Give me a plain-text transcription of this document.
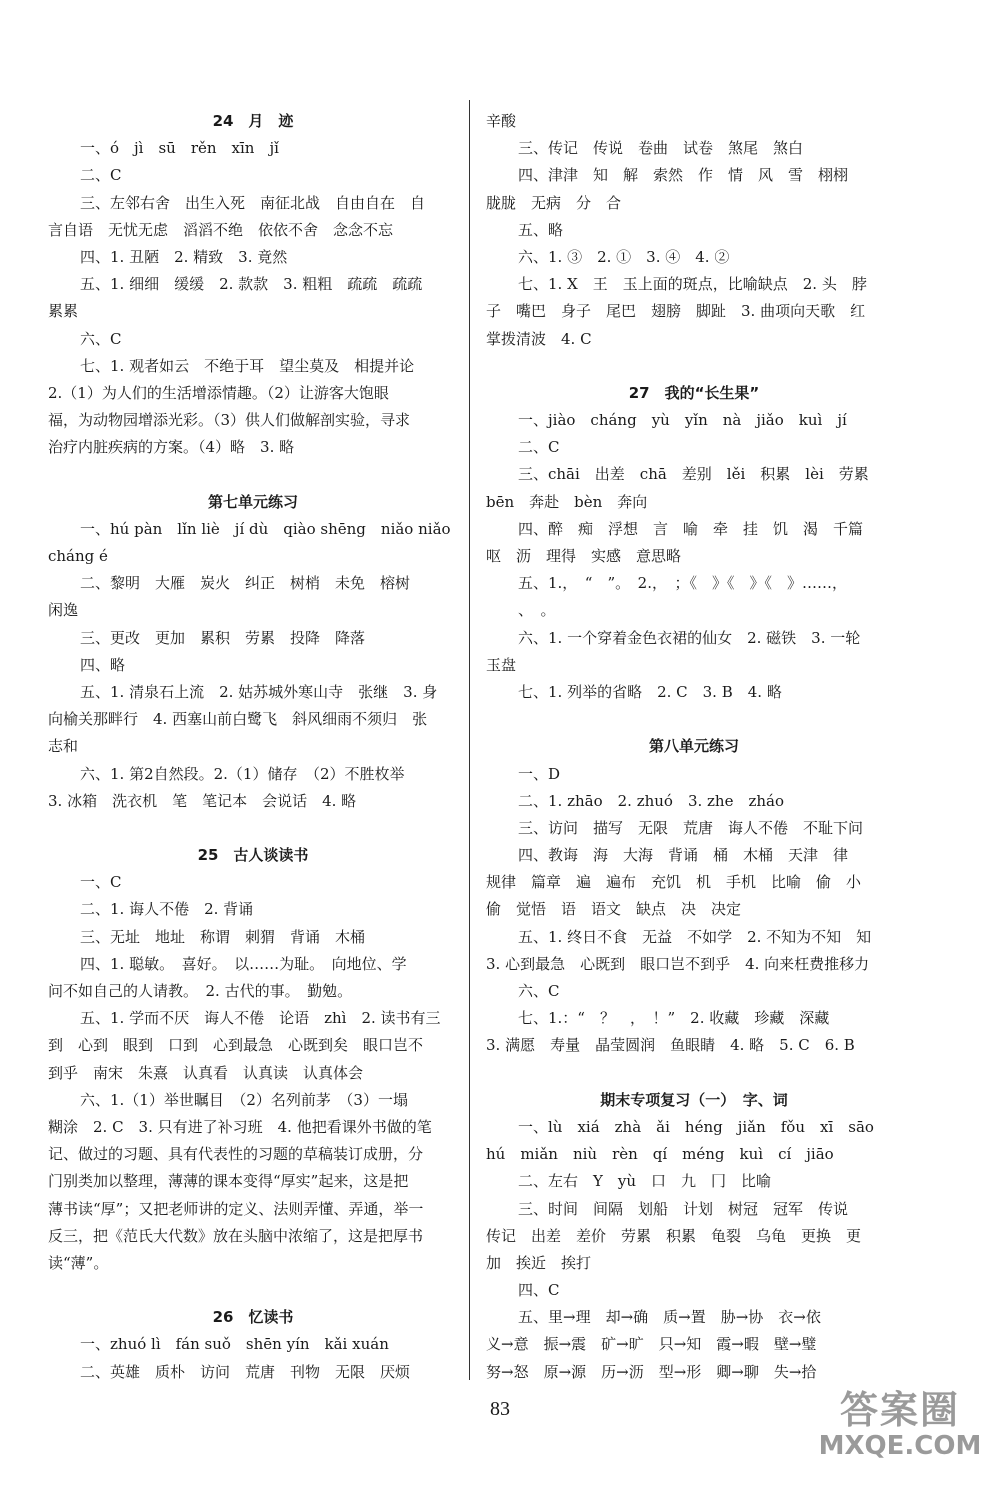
24　月　迹
一、ó　jì　sū　rěn　xīn　jǐ
二、C
三、左邻右舍　出生入死　南征北战　自由自在　自
言自语　无忧无虑　滔滔不绝　依依不舍　念念不忘
四、1. 丑陋　2. 精致　3. 竟然
五、1. 细细　缓缓　2. 款款　3. 粗粗　疏疏　疏疏
累累
六、C
七、1. 观者如云　不绝于耳　望尘莫及　相提并论
2.（1）为人们的生活增添情趣。（2）让游客大饱眼
福，为动物园增添光彩。（3）供人们做解剖实验，寻求
治疗内脏疾病的方案。（4）略　3. 略
第七单元练习
一、hú pàn　lǐn liè　jí dù　qiào shēng　niǎo niǎo
cháng é
二、黎明　大雁　炭火　纠正　树梢　未免　榕树
闲逸
三、更改　更加　累积　劳累　投降　降落
四、略
五、1. 清泉石上流　2. 姑苏城外寒山寺　张继　3. 身
向榆关那畔行　4. 西塞山前白鹭飞　斜风细雨不须归　张
志和
六、1. 第2自然段。2.（1）储存　（2）不胜枚举
3. 冰箱　洗衣机　笔　笔记本　会说话　4. 略
25　古人谈读书
一、C
二、1. 诲人不倦　2. 背诵
三、无址　地址　称谓　刺猬　背诵　木桶
四、1. 聪敏。　喜好。　以……为耻。　向地位、学
问不如自己的人请教。　2. 古代的事。　勤勉。
五、1. 学而不厌　诲人不倦　论语　zhì　2. 读书有三
到　心到　眼到　口到　心到最急　心既到矣　眼口岂不
到乎　南宋　朱熹　认真看　认真读　认真体会
六、1.（1）举世瞩目　（2）名列前茅　（3）一塌
糊涂　2. C　3. 只有进了补习班　4. 他把看课外书做的笔
记、做过的习题、具有代表性的习题的草稿装订成册，分
门别类加以整理，薄薄的课本变得“厚实”起来，这是把
薄书读“厚”；又把老师讲的定义、法则弄懂、弄通，举一
反三，把《范氏大代数》放在头脑中浓缩了，这是把厚书
读“薄”。
26　忆读书
一、zhuó lì　fán suǒ　shēn yín　kǎi xuán
二、英雄　质朴　访问　荒唐　刊物　无限　厌烦
辛酸
三、传记　传说　卷曲　试卷　煞尾　煞白
四、津津　知　解　索然　作　情　风　雪　栩栩
胧胧　无病　分　合
五、略
六、1. ③　2. ①　3. ④　4. ②
七、1. X　王　玉上面的斑点，比喻缺点　2. 头　脖
子　嘴巴　身子　尾巴　翅膀　脚趾　3. 曲项向天歌　红
掌拨清波　4. C
27　我的“长生果”
一、jiào　cháng　yù　yǐn　nà　jiǎo　kuì　jí
二、C
三、chāi　出差　chā　差别　lěi　积累　lèi　劳累
bēn　奔赴　bèn　奔向
四、醉　痴　浮想　言　喻　牵　挂　饥　渴　千篇
呕　沥　理得　实感　意思略
五、1.，　“　”。　2.，　；《　》《　》《　》……，
、　。
六、1. 一个穿着金色衣裙的仙女　2. 磁铁　3. 一轮
玉盘
七、1. 列举的省略　2. C　3. B　4. 略
第八单元练习
一、D
二、1. zhāo　2. zhuó　3. zhe　zháo
三、访问　描写　无限　荒唐　诲人不倦　不耻下问
四、教诲　海　大海　背诵　桶　木桶　天津　律
规律　篇章　遍　遍布　充饥　机　手机　比喻　偷　小
偷　觉悟　语　语文　缺点　决　决定
五、1. 终日不食　无益　不如学　2. 不知为不知　知
3. 心到最急　心既到　眼口岂不到乎　4. 向来枉费推移力
六、C
七、1.：“　？　，　！”　2. 收藏　珍藏　深藏
3. 满愿　寿量　晶莹圆润　鱼眼睛　4. 略　5. C　6. B
期末专项复习（一）　字、词
一、lù　xiá　zhà　ǎi　héng　jiǎn　fǒu　xī　sāo
hú　miǎn　niù　rèn　qí　méng　kuì　cí　jiāo
二、左右　Y　yù　口　九　冂　比喻
三、时间　间隔　划船　计划　树冠　冠军　传说
传记　出差　差价　劳累　积累　龟裂　乌龟　更换　更
加　挨近　挨打
四、C
五、里→理　却→确　质→置　胁→协　衣→依
义→意　振→震　矿→旷　只→知　霞→暇　壁→璧
努→怒　原→源　历→沥　型→形　卿→聊　失→拾
83	答案圈
MXQE.COM
